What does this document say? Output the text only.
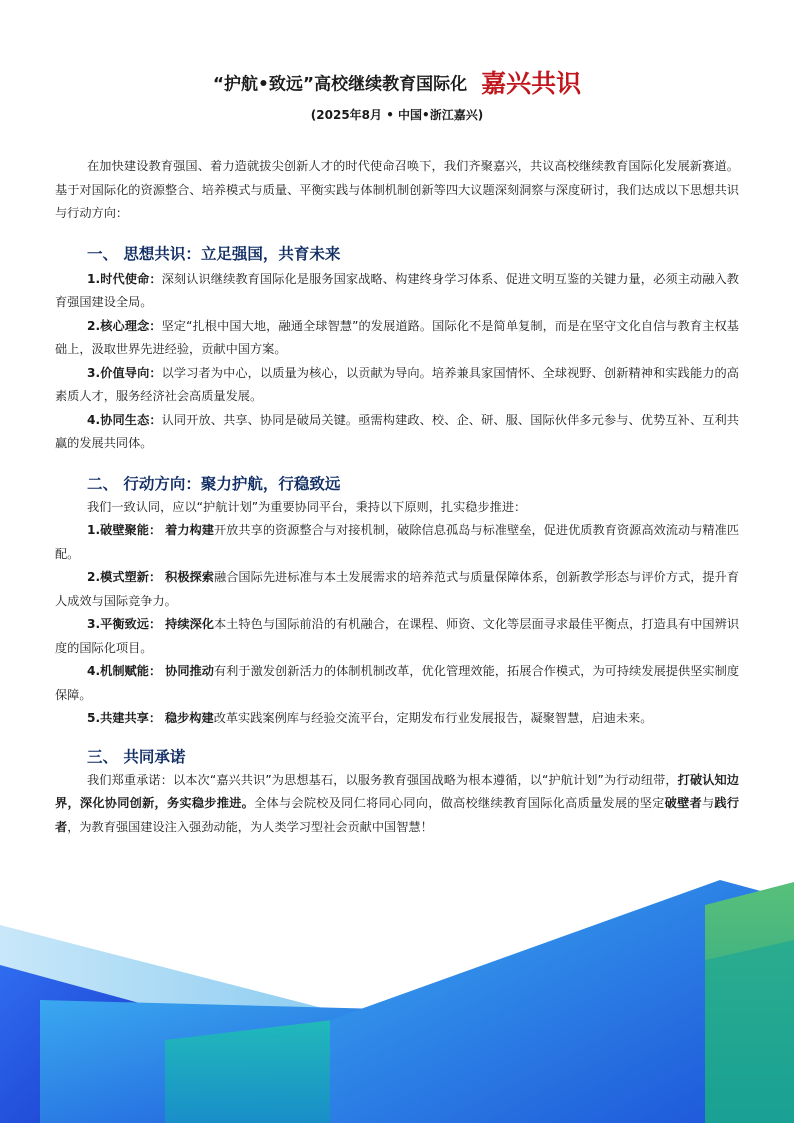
“护航•致远”高校继续教育国际化 嘉兴共识
(2025年8月 • 中国•浙江嘉兴)

在加快建设教育强国、着力造就拔尖创新人才的时代使命召唤下，我们齐聚嘉兴，共议高校继续教育国际化发展新赛道。基于对国际化的资源整合、培养模式与质量、平衡实践与体制机制创新等四大议题深刻洞察与深度研讨，我们达成以下思想共识与行动方向：

一、 思想共识：立足强国，共育未来

1.时代使命：深刻认识继续教育国际化是服务国家战略、构建终身学习体系、促进文明互鉴的关键力量，必须主动融入教育强国建设全局。

2.核心理念：坚定“扎根中国大地，融通全球智慧”的发展道路。国际化不是简单复制，而是在坚守文化自信与教育主权基础上，汲取世界先进经验，贡献中国方案。

3.价值导向：以学习者为中心，以质量为核心，以贡献为导向。培养兼具家国情怀、全球视野、创新精神和实践能力的高素质人才，服务经济社会高质量发展。

4.协同生态：认同开放、共享、协同是破局关键。亟需构建政、校、企、研、服、国际伙伴多元参与、优势互补、互利共赢的发展共同体。

二、 行动方向：聚力护航，行稳致远

我们一致认同，应以“护航计划”为重要协同平台，秉持以下原则，扎实稳步推进：

1.破壁聚能： 着力构建开放共享的资源整合与对接机制，破除信息孤岛与标准壁垒，促进优质教育资源高效流动与精准匹配。

2.模式塑新： 积极探索融合国际先进标准与本土发展需求的培养范式与质量保障体系，创新教学形态与评价方式，提升育人成效与国际竞争力。

3.平衡致远： 持续深化本土特色与国际前沿的有机融合，在课程、师资、文化等层面寻求最佳平衡点，打造具有中国辨识度的国际化项目。

4.机制赋能： 协同推动有利于激发创新活力的体制机制改革，优化管理效能，拓展合作模式，为可持续发展提供坚实制度保障。

5.共建共享： 稳步构建改革实践案例库与经验交流平台，定期发布行业发展报告，凝聚智慧，启迪未来。

三、 共同承诺

我们郑重承诺：以本次“嘉兴共识”为思想基石，以服务教育强国战略为根本遵循，以“护航计划”为行动纽带，打破认知边界，深化协同创新，务实稳步推进。全体与会院校及同仁将同心同向，做高校继续教育国际化高质量发展的坚定破壁者与践行者，为教育强国建设注入强劲动能，为人类学习型社会贡献中国智慧！
